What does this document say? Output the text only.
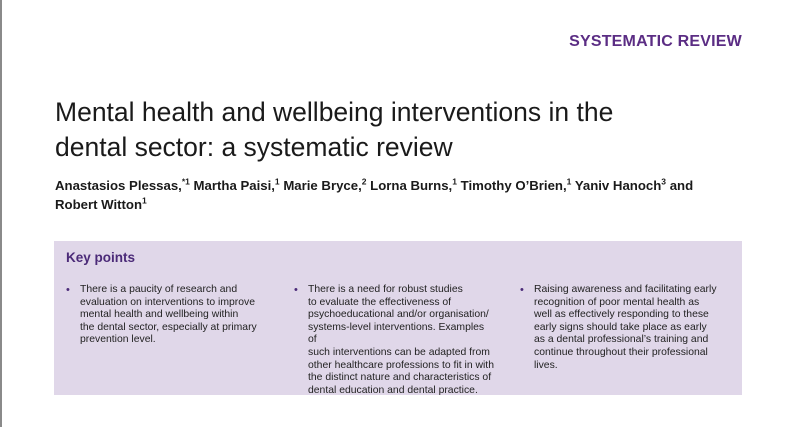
SYSTEMATIC REVIEW
Mental health and wellbeing interventions in the
dental sector: a systematic review
Anastasios Plessas,$^{*1}$ Martha Paisi,$^1$ Marie Bryce,$^2$ Lorna Burns,$^1$ Timothy O’Brien,$^1$ Yaniv Hanoch$^3$ and
Robert Witton$^1$
Key points
• There is a paucity of research and
evaluation on interventions to improve
mental health and wellbeing within
the dental sector, especially at primary
prevention level.
• There is a need for robust studies
to evaluate the effectiveness of
psychoeducational and/or organisation/
systems-level interventions. Examples of
such interventions can be adapted from
other healthcare professions to fit in with
the distinct nature and characteristics of
dental education and dental practice.
• Raising awareness and facilitating early
recognition of poor mental health as
well as effectively responding to these
early signs should take place as early
as a dental professional’s training and
continue throughout their professional
lives.
